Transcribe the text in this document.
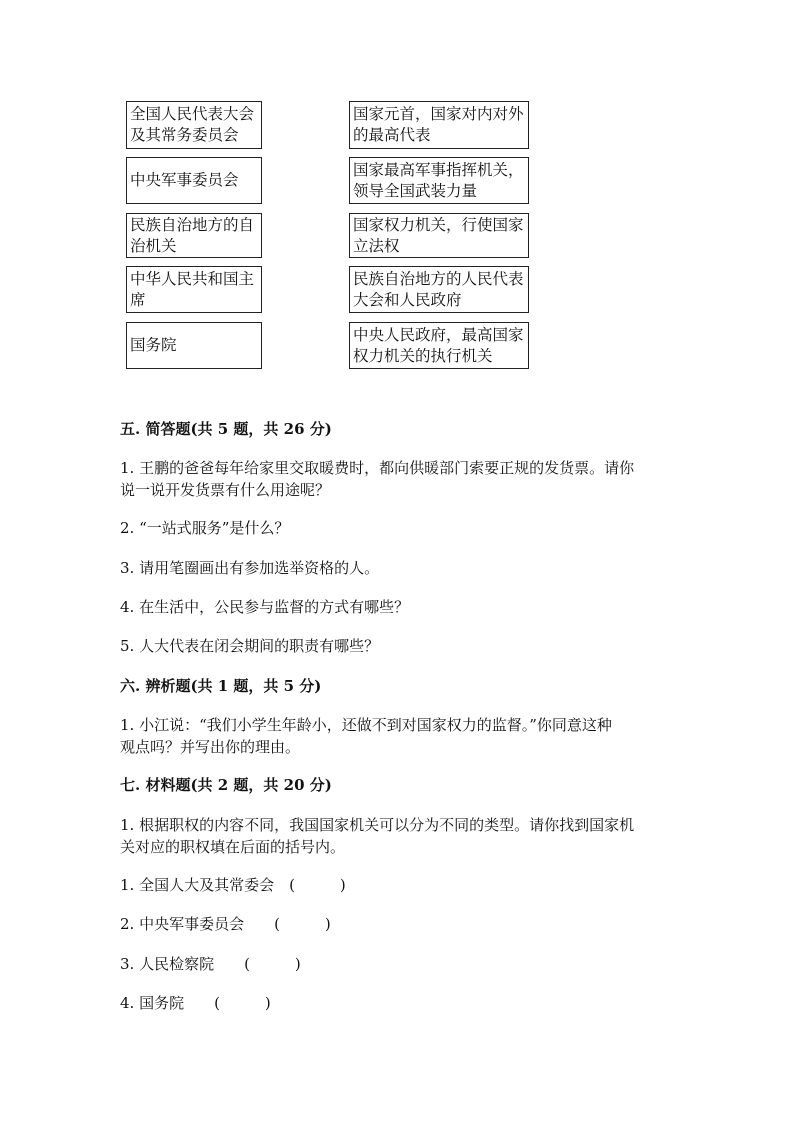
全国人民代表大会及其常务委员会
中央军事委员会
民族自治地方的自治机关
中华人民共和国主席
国务院
国家元首，国家对内对外的最高代表
国家最高军事指挥机关，领导全国武装力量
国家权力机关，行使国家立法权
民族自治地方的人民代表大会和人民政府
中央人民政府，最高国家权力机关的执行机关
五. 简答题(共 5 题，共 26 分)
1. 王鹏的爸爸每年给家里交取暖费时，都向供暖部门索要正规的发货票。请你
说一说开发货票有什么用途呢？
2. “一站式服务”是什么？
3. 请用笔圈画出有参加选举资格的人。
4. 在生活中，公民参与监督的方式有哪些？
5. 人大代表在闭会期间的职责有哪些？
六. 辨析题(共 1 题，共 5 分)
1. 小江说：“我们小学生年龄小，还做不到对国家权力的监督。”你同意这种
观点吗？并写出你的理由。
七. 材料题(共 2 题，共 20 分)
1. 根据职权的内容不同，我国国家机关可以分为不同的类型。请你找到国家机
关对应的职权填在后面的括号内。
1. 全国人大及其常委会　(　　　)
2. 中央军事委员会　　(　　　)
3. 人民检察院　　(　　　)
4. 国务院　　(　　　)
